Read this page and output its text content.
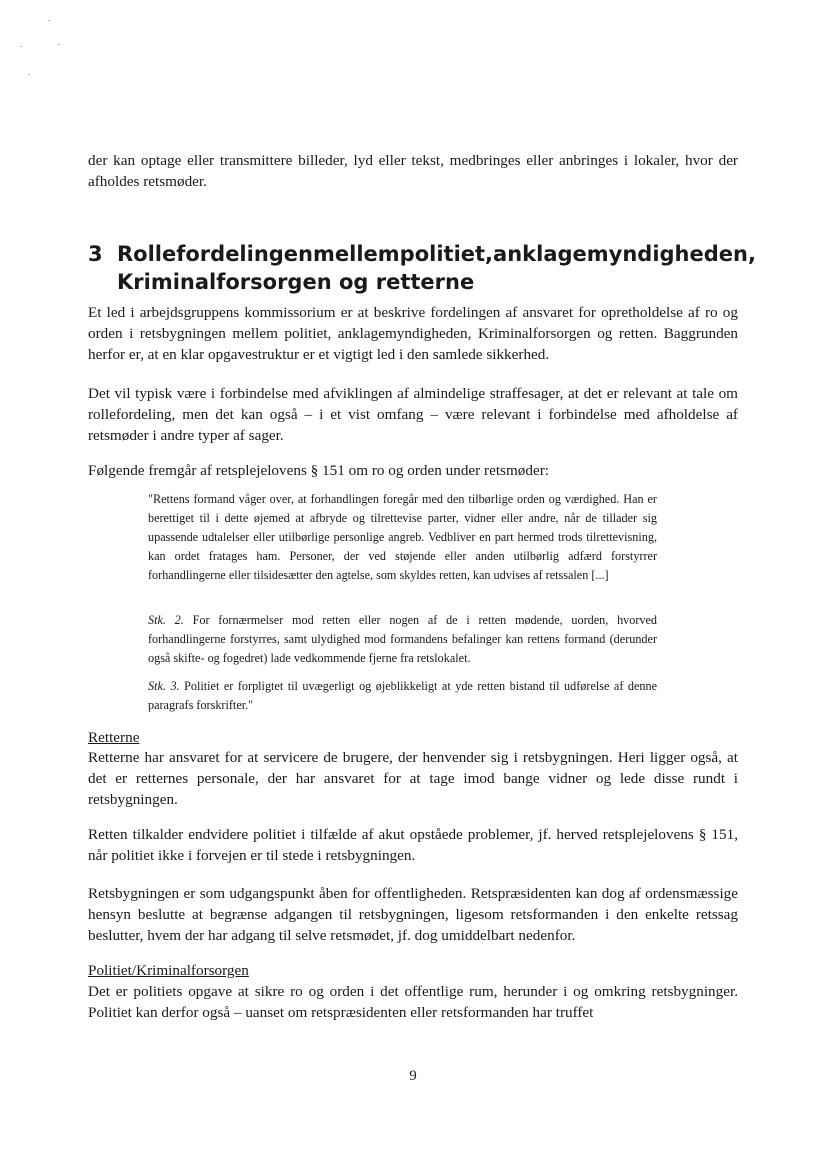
der kan optage eller transmittere billeder, lyd eller tekst, medbringes eller anbringes i lokaler, hvor der afholdes retsmøder.

3 Rollefordelingen mellem politiet, anklagemyndigheden,
Kriminalforsorgen og retterne

Et led i arbejdsgruppens kommissorium er at beskrive fordelingen af ansvaret for opretholdelse af ro og orden i retsbygningen mellem politiet, anklagemyndigheden, Kriminalforsorgen og retten. Baggrunden herfor er, at en klar opgavestruktur er et vigtigt led i den samlede sikkerhed.

Det vil typisk være i forbindelse med afviklingen af almindelige straffesager, at det er relevant at tale om rollefordeling, men det kan også – i et vist omfang – være relevant i forbindelse med afholdelse af retsmøder i andre typer af sager.

Følgende fremgår af retsplejelovens § 151 om ro og orden under retsmøder:

"Rettens formand våger over, at forhandlingen foregår med den tilbørlige orden og værdighed. Han er berettiget til i dette øjemed at afbryde og tilrettevise parter, vidner eller andre, når de tillader sig upassende udtalelser eller utilbørlige personlige angreb. Vedbliver en part hermed trods tilrettevisning, kan ordet fratages ham. Personer, der ved støjende eller anden utilbørlig adfærd forstyrrer forhandlingerne eller tilsidesætter den agtelse, som skyldes retten, kan udvises af retssalen [...]

Stk. 2. For fornærmelser mod retten eller nogen af de i retten mødende, uorden, hvorved forhandlingerne forstyrres, samt ulydighed mod formandens befalinger kan rettens formand (derunder også skifte- og fogedret) lade vedkommende fjerne fra retslokalet.

Stk. 3. Politiet er forpligtet til uvægerligt og øjeblikkeligt at yde retten bistand til udførelse af denne paragrafs forskrifter."

Retterne

Retterne har ansvaret for at servicere de brugere, der henvender sig i retsbygningen. Heri ligger også, at det er retternes personale, der har ansvaret for at tage imod bange vidner og lede disse rundt i retsbygningen.

Retten tilkalder endvidere politiet i tilfælde af akut opståede problemer, jf. herved retsplejelovens § 151, når politiet ikke i forvejen er til stede i retsbygningen.

Retsbygningen er som udgangspunkt åben for offentligheden. Retspræsidenten kan dog af ordensmæssige hensyn beslutte at begrænse adgangen til retsbygningen, ligesom retsformanden i den enkelte retssag beslutter, hvem der har adgang til selve retsmødet, jf. dog umiddelbart nedenfor.

Politiet/Kriminalforsorgen

Det er politiets opgave at sikre ro og orden i det offentlige rum, herunder i og omkring retsbygninger. Politiet kan derfor også – uanset om retspræsidenten eller retsformanden har truffet

9
